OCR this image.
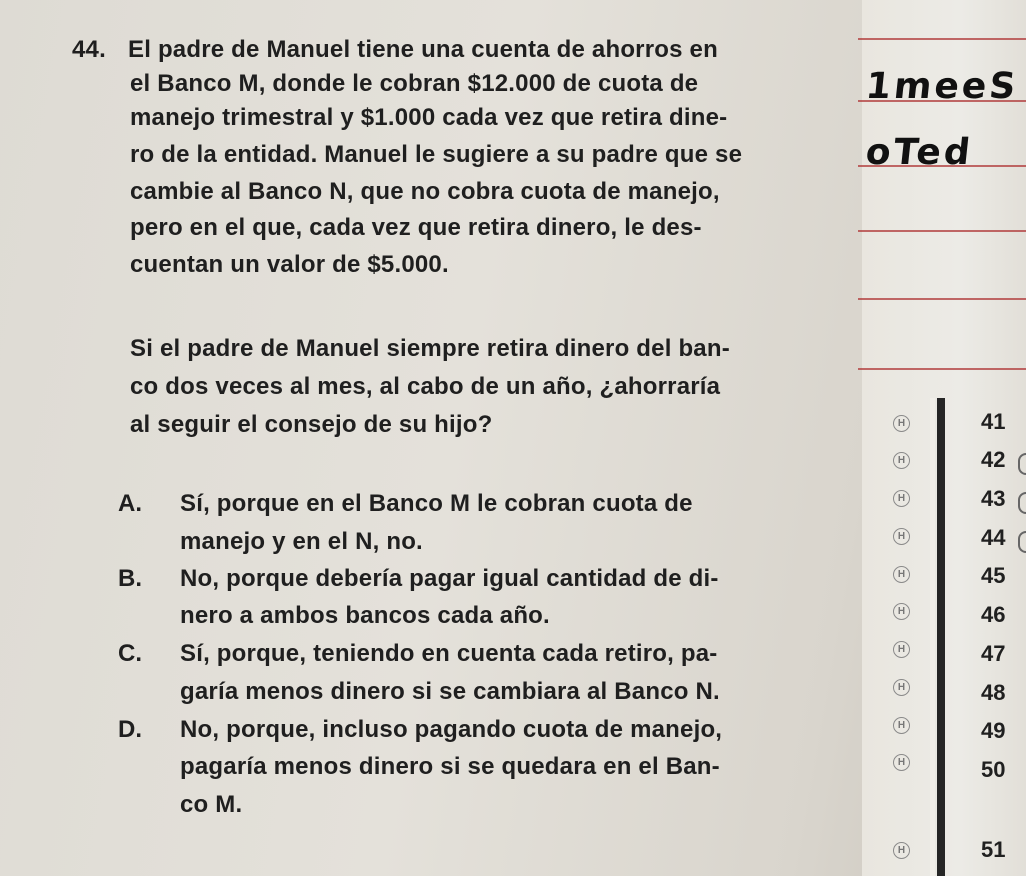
1meeS
oTed
44. El padre de Manuel tiene una cuenta de ahorros en
el Banco M, donde le cobran $12.000 de cuota de
manejo trimestral y $1.000 cada vez que retira dine-
ro de la entidad. Manuel le sugiere a su padre que se
cambie al Banco N, que no cobra cuota de manejo,
pero en el que, cada vez que retira dinero, le des-
cuentan un valor de $5.000.
Si el padre de Manuel siempre retira dinero del ban-
co dos veces al mes, al cabo de un año, ¿ahorraría
al seguir el consejo de su hijo?
A. Sí, porque en el Banco M le cobran cuota de
manejo y en el N, no.
B. No, porque debería pagar igual cantidad de di-
nero a ambos bancos cada año.
C. Sí, porque, teniendo en cuenta cada retiro, pa-
garía menos dinero si se cambiara al Banco N.
D. No, porque, incluso pagando cuota de manejo,
pagaría menos dinero si se quedara en el Ban-
co M.
H
H
H
H
H
H
H
H
H
H
H
41
42
43
44
45
46
47
48
49
50
51
